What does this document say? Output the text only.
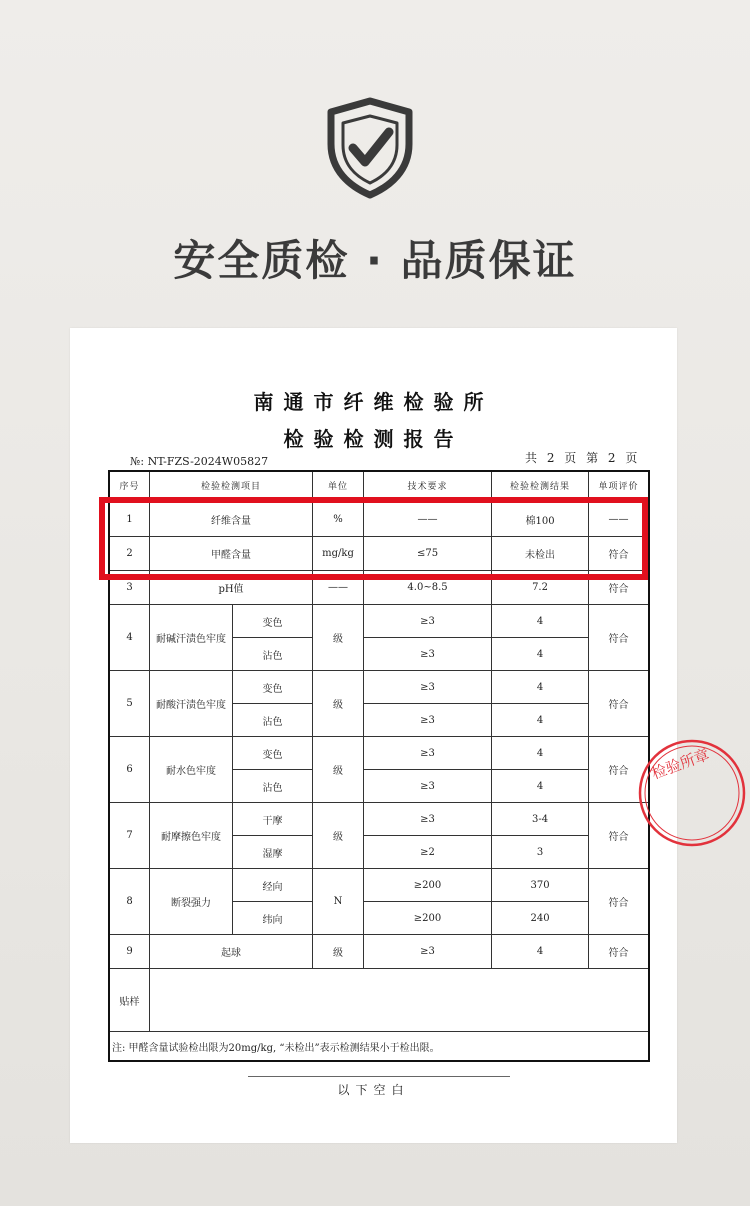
安全质检 · 品质保证
南通市纤维检验所
检验检测报告
№: NT-FZS-2024W05827	共 2 页 第 2 页
序号	检验检测项目		单位	技术要求	检验检测结果	单项评价
1	纤维含量		%	——	棉100	——
2	甲醛含量		mg/kg	≤75	未检出	符合
3	pH值		——	4.0~8.5	7.2	符合
4	耐碱汗渍色牢度	变色	级	≥3	4	符合
		沾色		≥3	4	
5	耐酸汗渍色牢度	变色	级	≥3	4	符合
		沾色		≥3	4	
6	耐水色牢度	变色	级	≥3	4	符合
		沾色		≥3	4	
7	耐摩擦色牢度	干摩	级	≥3	3-4	符合
		湿摩		≥2	3	
8	断裂强力	经向	N	≥200	370	符合
		纬向		≥200	240	
9	起球		级	≥3	4	符合
贴样						
注: 甲醛含量试验检出限为20mg/kg, “未检出”表示检测结果小于检出限。						
以下空白
检验所章
